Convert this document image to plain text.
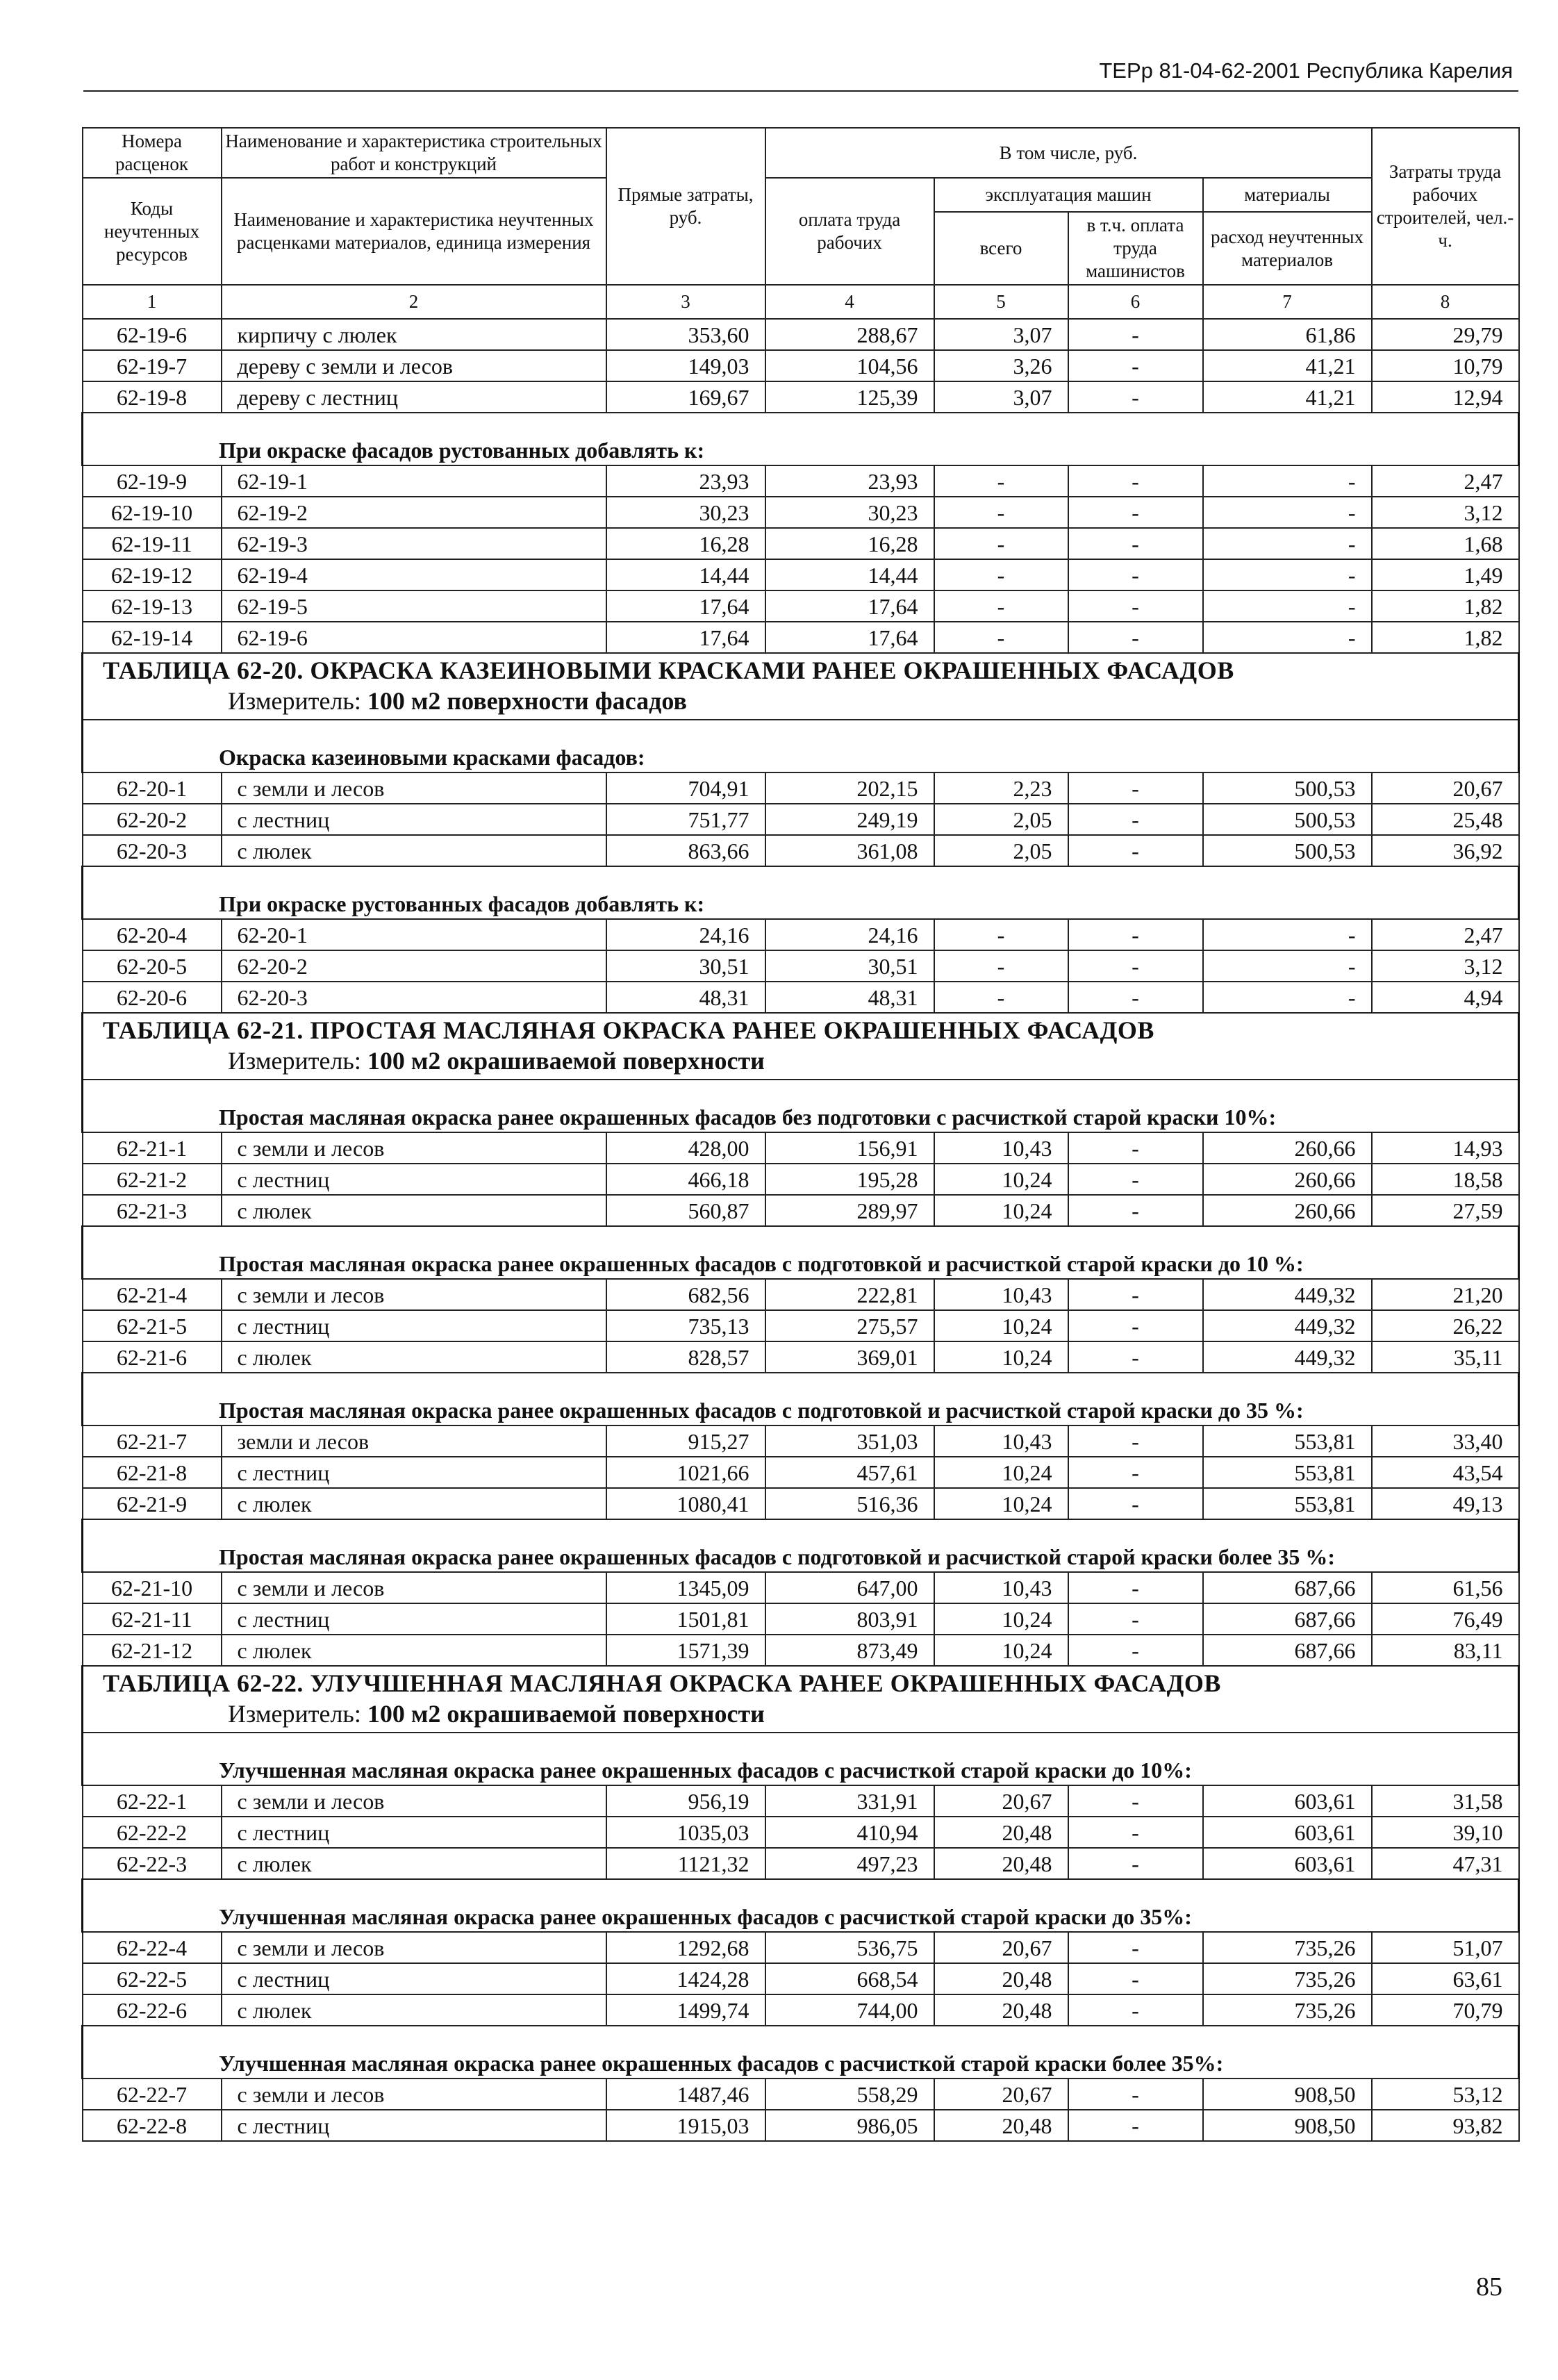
ТЕРр 81-04-62-2001 Республика Карелия
Номера расценок	Наименование и характеристика строительных работ и конструкций	Прямые затраты, руб.	В том числе, руб.				Затраты труда рабочих строителей, чел.-ч.
Коды неучтенных ресурсов	Наименование и характеристика неучтенных расценками материалов, единица измерения		оплата труда рабочих	эксплуатация машин		материалы	
				всего	в т.ч. оплата труда машинистов	расход неучтенных материалов	
1	2	3	4	5	6	7	8
62-19-6	кирпичу с люлек	353,60	288,67	3,07	-	61,86	29,79
62-19-7	дереву с земли и лесов	149,03	104,56	3,26	-	41,21	10,79
62-19-8	дереву с лестниц	169,67	125,39	3,07	-	41,21	12,94
При окраске фасадов рустованных добавлять к:							
62-19-9	62-19-1	23,93	23,93	-	-	-	2,47
62-19-10	62-19-2	30,23	30,23	-	-	-	3,12
62-19-11	62-19-3	16,28	16,28	-	-	-	1,68
62-19-12	62-19-4	14,44	14,44	-	-	-	1,49
62-19-13	62-19-5	17,64	17,64	-	-	-	1,82
62-19-14	62-19-6	17,64	17,64	-	-	-	1,82

ТАБЛИЦА 62-20. ОКРАСКА КАЗЕИНОВЫМИ КРАСКАМИ РАНЕЕ ОКРАШЕННЫХ ФАСАДОВ
Измеритель: 100 м2 поверхности фасадов							

Окраска казеиновыми красками фасадов:							
62-20-1	с земли и лесов	704,91	202,15	2,23	-	500,53	20,67
62-20-2	с лестниц	751,77	249,19	2,05	-	500,53	25,48
62-20-3	с люлек	863,66	361,08	2,05	-	500,53	36,92
При окраске рустованных фасадов добавлять к:							
62-20-4	62-20-1	24,16	24,16	-	-	-	2,47
62-20-5	62-20-2	30,51	30,51	-	-	-	3,12
62-20-6	62-20-3	48,31	48,31	-	-	-	4,94

ТАБЛИЦА 62-21. ПРОСТАЯ МАСЛЯНАЯ ОКРАСКА РАНЕЕ ОКРАШЕННЫХ ФАСАДОВ
Измеритель: 100 м2 окрашиваемой поверхности							

Простая масляная окраска ранее окрашенных фасадов без подготовки с расчисткой старой краски 10%:							
62-21-1	с земли и лесов	428,00	156,91	10,43	-	260,66	14,93
62-21-2	с лестниц	466,18	195,28	10,24	-	260,66	18,58
62-21-3	с люлек	560,87	289,97	10,24	-	260,66	27,59
Простая масляная окраска ранее окрашенных фасадов с подготовкой и расчисткой старой краски до 10 %:							
62-21-4	с земли и лесов	682,56	222,81	10,43	-	449,32	21,20
62-21-5	с лестниц	735,13	275,57	10,24	-	449,32	26,22
62-21-6	с люлек	828,57	369,01	10,24	-	449,32	35,11
Простая масляная окраска ранее окрашенных фасадов с подготовкой и расчисткой старой краски до 35 %:							
62-21-7	земли и лесов	915,27	351,03	10,43	-	553,81	33,40
62-21-8	с лестниц	1021,66	457,61	10,24	-	553,81	43,54
62-21-9	с люлек	1080,41	516,36	10,24	-	553,81	49,13
Простая масляная окраска ранее окрашенных фасадов с подготовкой и расчисткой старой краски более 35 %:							
62-21-10	с земли и лесов	1345,09	647,00	10,43	-	687,66	61,56
62-21-11	с лестниц	1501,81	803,91	10,24	-	687,66	76,49
62-21-12	с люлек	1571,39	873,49	10,24	-	687,66	83,11

ТАБЛИЦА 62-22. УЛУЧШЕННАЯ МАСЛЯНАЯ ОКРАСКА РАНЕЕ ОКРАШЕННЫХ ФАСАДОВ
Измеритель: 100 м2 окрашиваемой поверхности							

Улучшенная масляная окраска ранее окрашенных фасадов с расчисткой старой краски до 10%:							
62-22-1	с земли и лесов	956,19	331,91	20,67	-	603,61	31,58
62-22-2	с лестниц	1035,03	410,94	20,48	-	603,61	39,10
62-22-3	с люлек	1121,32	497,23	20,48	-	603,61	47,31
Улучшенная масляная окраска ранее окрашенных фасадов с расчисткой старой краски до 35%:							
62-22-4	с земли и лесов	1292,68	536,75	20,67	-	735,26	51,07
62-22-5	с лестниц	1424,28	668,54	20,48	-	735,26	63,61
62-22-6	с люлек	1499,74	744,00	20,48	-	735,26	70,79
Улучшенная масляная окраска ранее окрашенных фасадов с расчисткой старой краски более 35%:							
62-22-7	с земли и лесов	1487,46	558,29	20,67	-	908,50	53,12
62-22-8	с лестниц	1915,03	986,05	20,48	-	908,50	93,82
85
